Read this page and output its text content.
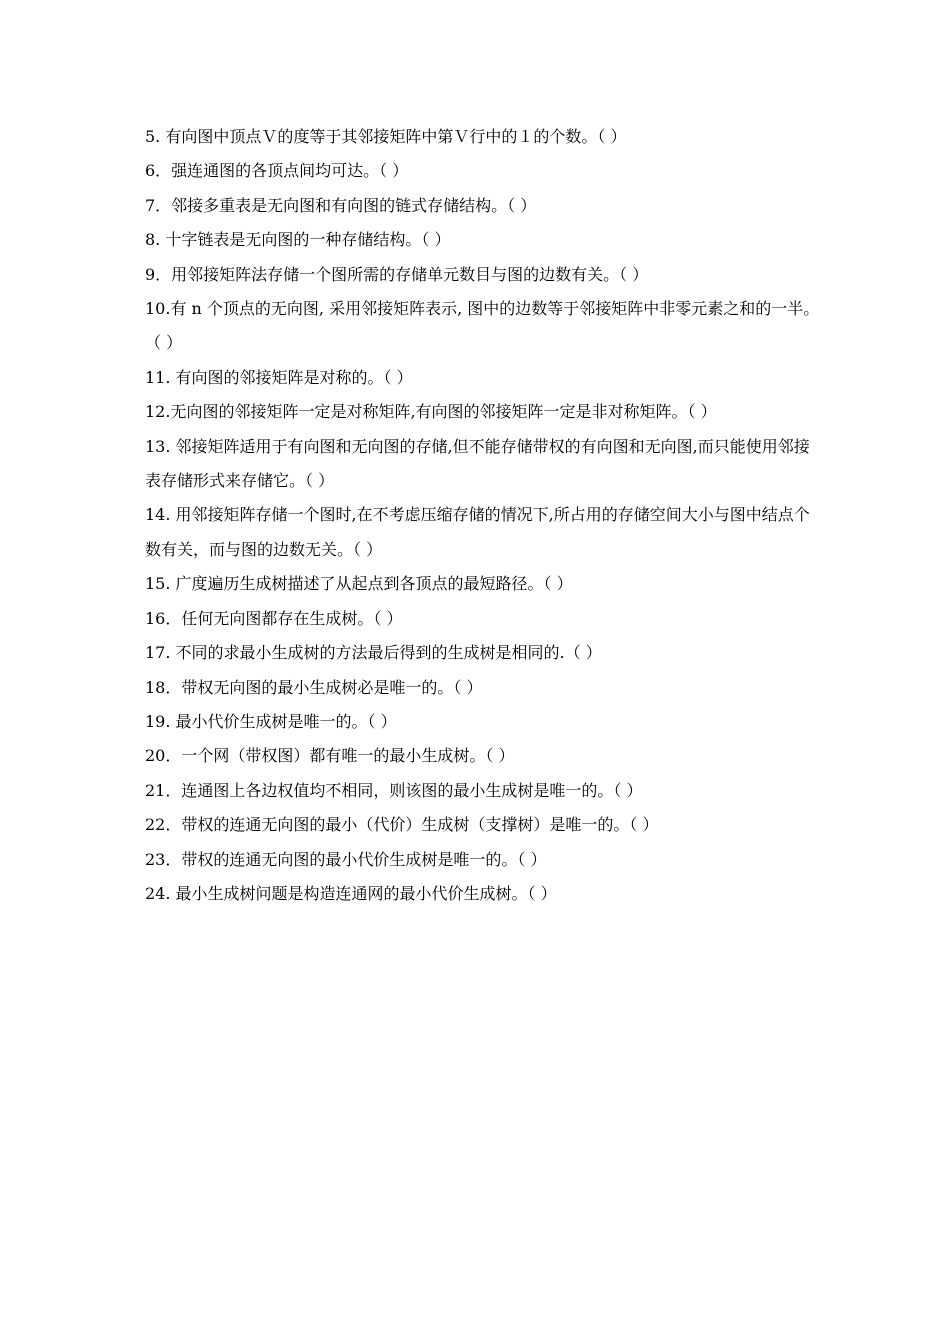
5. 有向图中顶点Ｖ的度等于其邻接矩阵中第Ｖ行中的１的个数。（ ）
6．强连通图的各顶点间均可达。（ ）
7．邻接多重表是无向图和有向图的链式存储结构。（ ）
8. 十字链表是无向图的一种存储结构。（ ）
9．用邻接矩阵法存储一个图所需的存储单元数目与图的边数有关。（ ）
10.有 n 个顶点的无向图, 采用邻接矩阵表示, 图中的边数等于邻接矩阵中非零元素之和的一半。（ ）
11. 有向图的邻接矩阵是对称的。（ ）
12.无向图的邻接矩阵一定是对称矩阵,有向图的邻接矩阵一定是非对称矩阵。（ ）
13. 邻接矩阵适用于有向图和无向图的存储,但不能存储带权的有向图和无向图,而只能使用邻接表存储形式来存储它。（ ）
14. 用邻接矩阵存储一个图时,在不考虑压缩存储的情况下,所占用的存储空间大小与图中结点个数有关，而与图的边数无关。（ ）
15. 广度遍历生成树描述了从起点到各顶点的最短路径。（ ）
16．任何无向图都存在生成树。（ ）
17. 不同的求最小生成树的方法最后得到的生成树是相同的.（ ）
18．带权无向图的最小生成树必是唯一的。（ ）
19. 最小代价生成树是唯一的。（ ）
20．一个网（带权图）都有唯一的最小生成树。（ ）
21．连通图上各边权值均不相同，则该图的最小生成树是唯一的。（ ）
22．带权的连通无向图的最小（代价）生成树（支撑树）是唯一的。（ ）
23．带权的连通无向图的最小代价生成树是唯一的。（ ）
24. 最小生成树问题是构造连通网的最小代价生成树。（ ）
